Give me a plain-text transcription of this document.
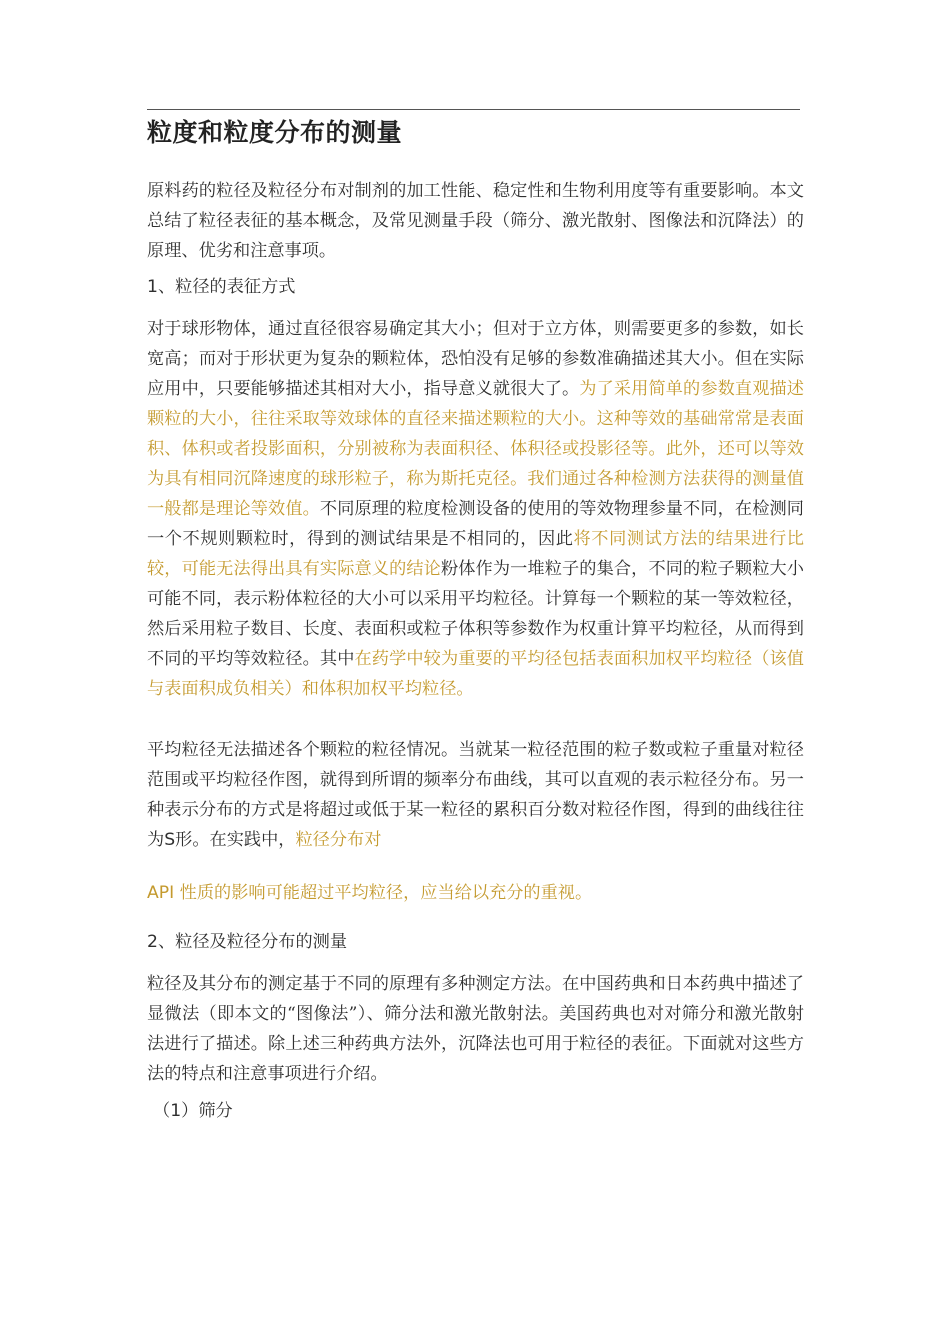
粒度和粒度分布的测量

原料药的粒径及粒径分布对制剂的加工性能、稳定性和生物利用度等有重要影响。本文总结了粒径表征的基本概念，及常见测量手段（筛分、激光散射、图像法和沉降法）的原理、优劣和注意事项。

1、粒径的表征方式

对于球形物体，通过直径很容易确定其大小；但对于立方体，则需要更多的参数，如长宽高；而对于形状更为复杂的颗粒体，恐怕没有足够的参数准确描述其大小。但在实际应用中，只要能够描述其相对大小，指导意义就很大了。为了采用简单的参数直观描述颗粒的大小，往往采取等效球体的直径来描述颗粒的大小。这种等效的基础常常是表面积、体积或者投影面积，分别被称为表面积径、体积径或投影径等。此外，还可以等效为具有相同沉降速度的球形粒子，称为斯托克径。我们通过各种检测方法获得的测量值一般都是理论等效值。不同原理的粒度检测设备的使用的等效物理参量不同，在检测同一个不规则颗粒时，得到的测试结果是不相同的，因此将不同测试方法的结果进行比较，可能无法得出具有实际意义的结论粉体作为一堆粒子的集合，不同的粒子颗粒大小可能不同，表示粉体粒径的大小可以采用平均粒径。计算每一个颗粒的某一等效粒径，然后采用粒子数目、长度、表面积或粒子体积等参数作为权重计算平均粒径，从而得到不同的平均等效粒径。其中在药学中较为重要的平均径包括表面积加权平均粒径（该值与表面积成负相关）和体积加权平均粒径。

平均粒径无法描述各个颗粒的粒径情况。当就某一粒径范围的粒子数或粒子重量对粒径范围或平均粒径作图，就得到所谓的频率分布曲线，其可以直观的表示粒径分布。另一种表示分布的方式是将超过或低于某一粒径的累积百分数对粒径作图，得到的曲线往往为S形。在实践中，粒径分布对

API 性质的影响可能超过平均粒径，应当给以充分的重视。

2、粒径及粒径分布的测量

粒径及其分布的测定基于不同的原理有多种测定方法。在中国药典和日本药典中描述了显微法（即本文的“图像法”）、筛分法和激光散射法。美国药典也对对筛分和激光散射法进行了描述。除上述三种药典方法外，沉降法也可用于粒径的表征。下面就对这些方法的特点和注意事项进行介绍。

（1）筛分
